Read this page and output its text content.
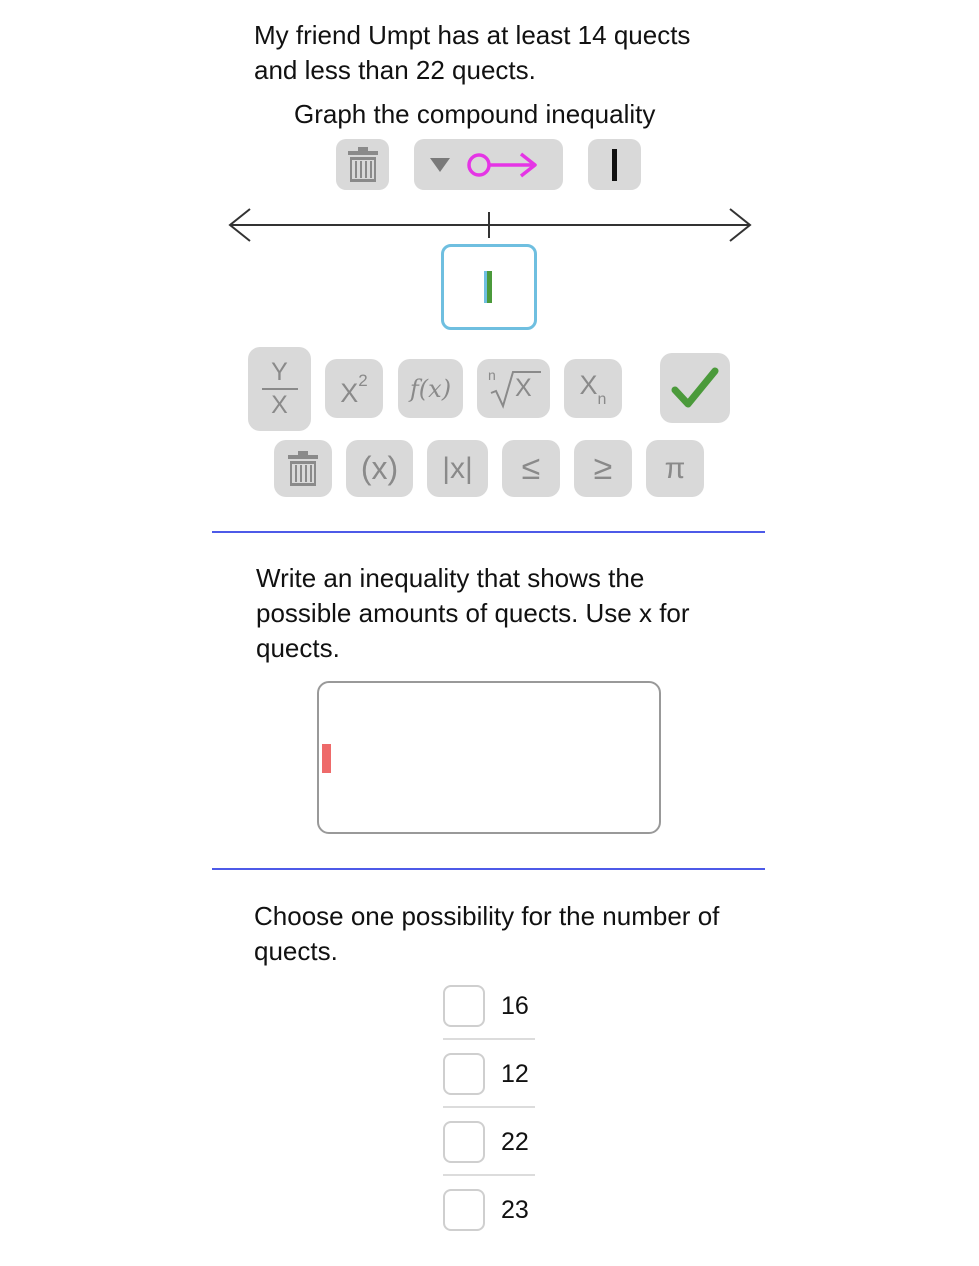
My friend Umpt has at least 14 quects and less than 22 quects.
Graph the compound inequality
Y
X X 2 f(x)	n X X n
(x) |x| ≤ ≥ π
Write an inequality that shows the possible amounts of quects. Use x for quects.
Choose one possibility for the number of quects.
16
12
22
23
